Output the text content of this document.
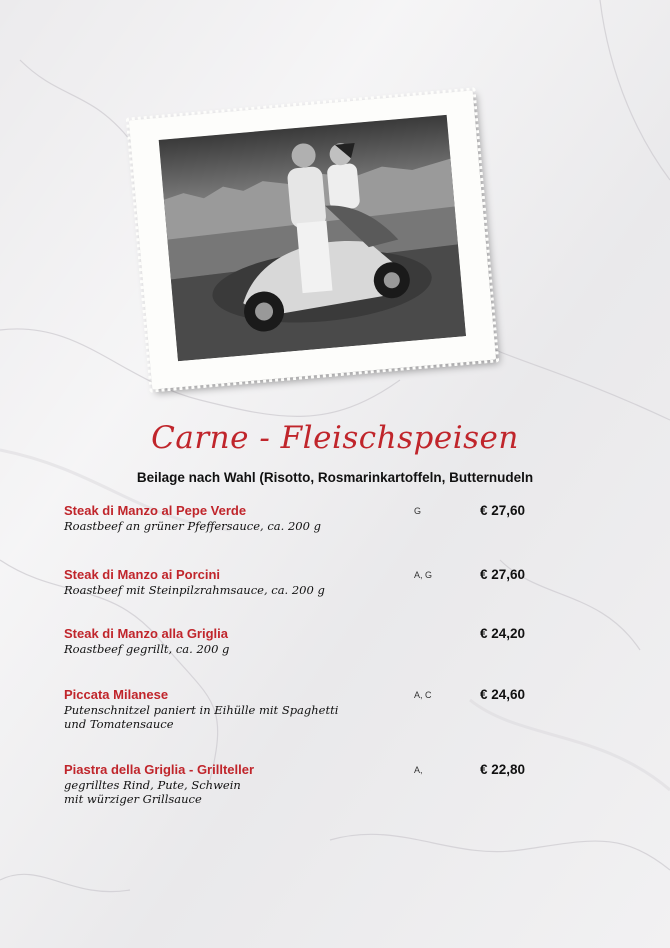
Carne - Fleischspeisen
Beilage nach Wahl (Risotto, Rosmarinkartoffeln, Butternudeln
Steak di Manzo al Pepe Verde
Roastbeef an grüner Pfeffersauce, ca. 200 g
G	€ 27,60
Steak di Manzo ai Porcini
Roastbeef mit Steinpilzrahmsauce, ca. 200 g
A, G	€ 27,60
Steak di Manzo alla Griglia
Roastbeef gegrillt, ca. 200 g
€ 24,20
Piccata Milanese
Putenschnitzel paniert in Eihülle mit Spaghetti
und Tomatensauce
A, C	€ 24,60
Piastra della Griglia - Grillteller
gegrilltes Rind, Pute, Schwein
mit würziger Grillsauce
A,	€ 22,80
